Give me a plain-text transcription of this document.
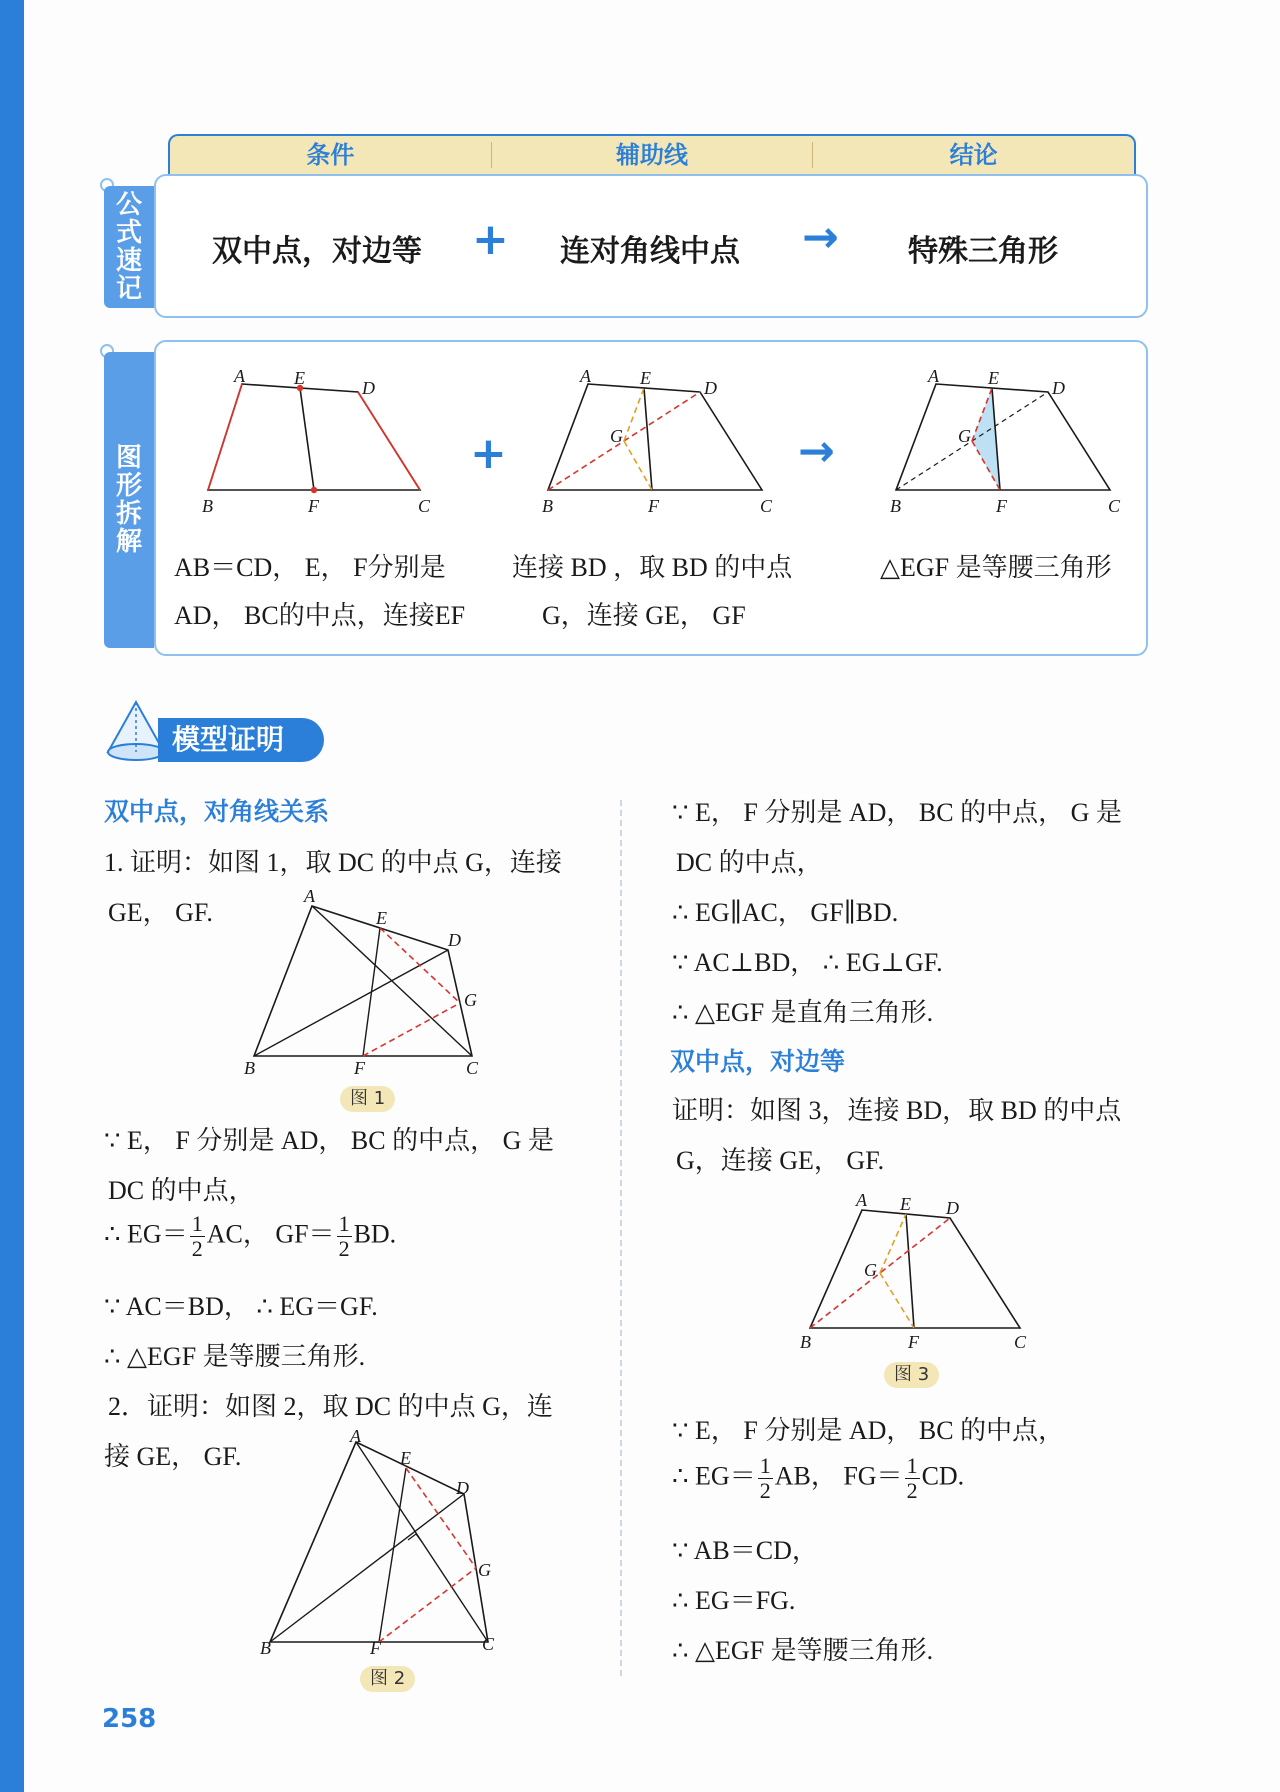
条件	辅助线	结论
公
式
速
记
双中点，对边等 + 连对角线中点 → 特殊三角形
图
形
拆
解
A	E	D
B	F	C
+
A	E	D
G
B	F	C
→
A	E	D
G
B	F	C
AB＝CD， E， F分别是
AD， BC的中点，连接EF
连接 BD ，取 BD 的中点
G，连接 GE， GF
△EGF 是等腰三角形
模型证明
双中点，对角线关系
1. 证明：如图 1，取 DC 的中点 G，连接
GE， GF.
A
E
D
G
B	F	C
图 1
∵ E， F 分别是 AD， BC 的中点， G 是
DC 的中点，
∴ $EG= \frac{1}{2}$ AC， $GF= \frac{1}{2}$ BD.
∵ AC＝BD， ∴ EG＝GF.
∴ △EGF 是等腰三角形.
2．证明：如图 2，取 DC 的中点 G，连
接 GE， GF.
A
E
D
G
B	F	C
图 2
∵ E， F 分别是 AD， BC 的中点， G 是
DC 的中点，
∴ EG∥AC， GF∥BD.
∵ AC⊥BD， ∴ EG⊥GF.
∴ △EGF 是直角三角形.
双中点，对边等
证明：如图 3，连接 BD，取 BD 的中点
G，连接 GE， GF.
A E D
G
B	F	C
图 3
∵ E， F 分别是 AD， BC 的中点，
∴ $EG= \frac{1}{2}$ AB， $FG= \frac{1}{2}$ CD.
∵ AB＝CD，
∴ EG＝FG.
∴ △EGF 是等腰三角形.
258
